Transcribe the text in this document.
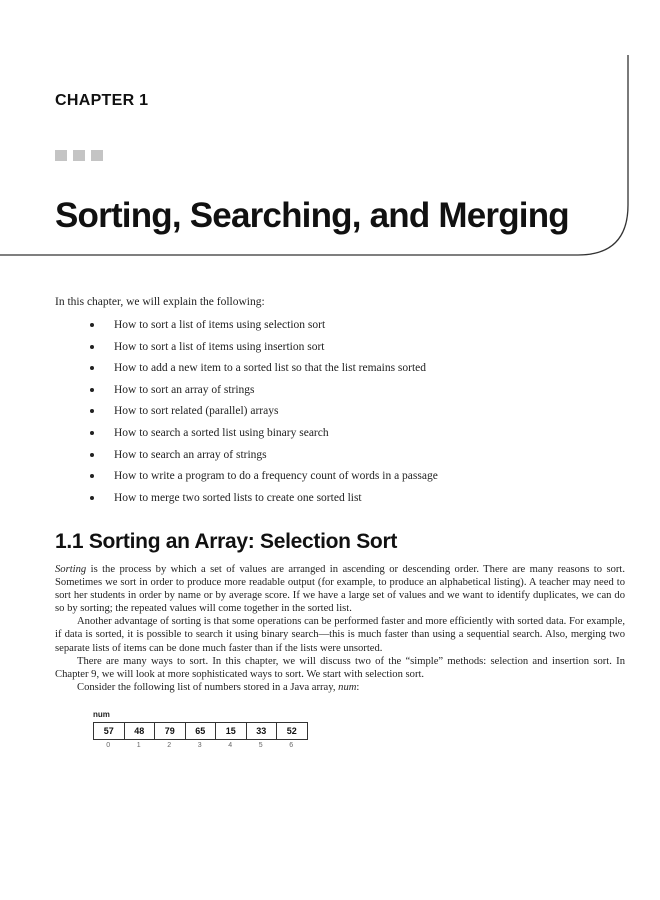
CHAPTER 1
Sorting, Searching, and Merging
In this chapter, we will explain the following:
How to sort a list of items using selection sort
How to sort a list of items using insertion sort
How to add a new item to a sorted list so that the list remains sorted
How to sort an array of strings
How to sort related (parallel) arrays
How to search a sorted list using binary search
How to search an array of strings
How to write a program to do a frequency count of words in a passage
How to merge two sorted lists to create one sorted list
1.1 Sorting an Array: Selection Sort

Sorting is the process by which a set of values are arranged in ascending or descending order. There are many reasons to sort. Sometimes we sort in order to produce more readable output (for example, to produce an alphabetical listing). A teacher may need to sort her students in order by name or by average score. If we have a large set of values and we want to identify duplicates, we can do so by sorting; the repeated values will come together in the sorted list.

Another advantage of sorting is that some operations can be performed faster and more efficiently with sorted data. For example, if data is sorted, it is possible to search it using binary search—this is much faster than using a sequential search. Also, merging two separate lists of items can be done much faster than if the lists were unsorted.

There are many ways to sort. In this chapter, we will discuss two of the “simple” methods: selection and insertion sort. In Chapter 9, we will look at more sophisticated ways to sort. We start with selection sort.

Consider the following list of numbers stored in a Java array, num:

num
57	48	79	65	15	33	52
0	1	2	3	4	5	6
